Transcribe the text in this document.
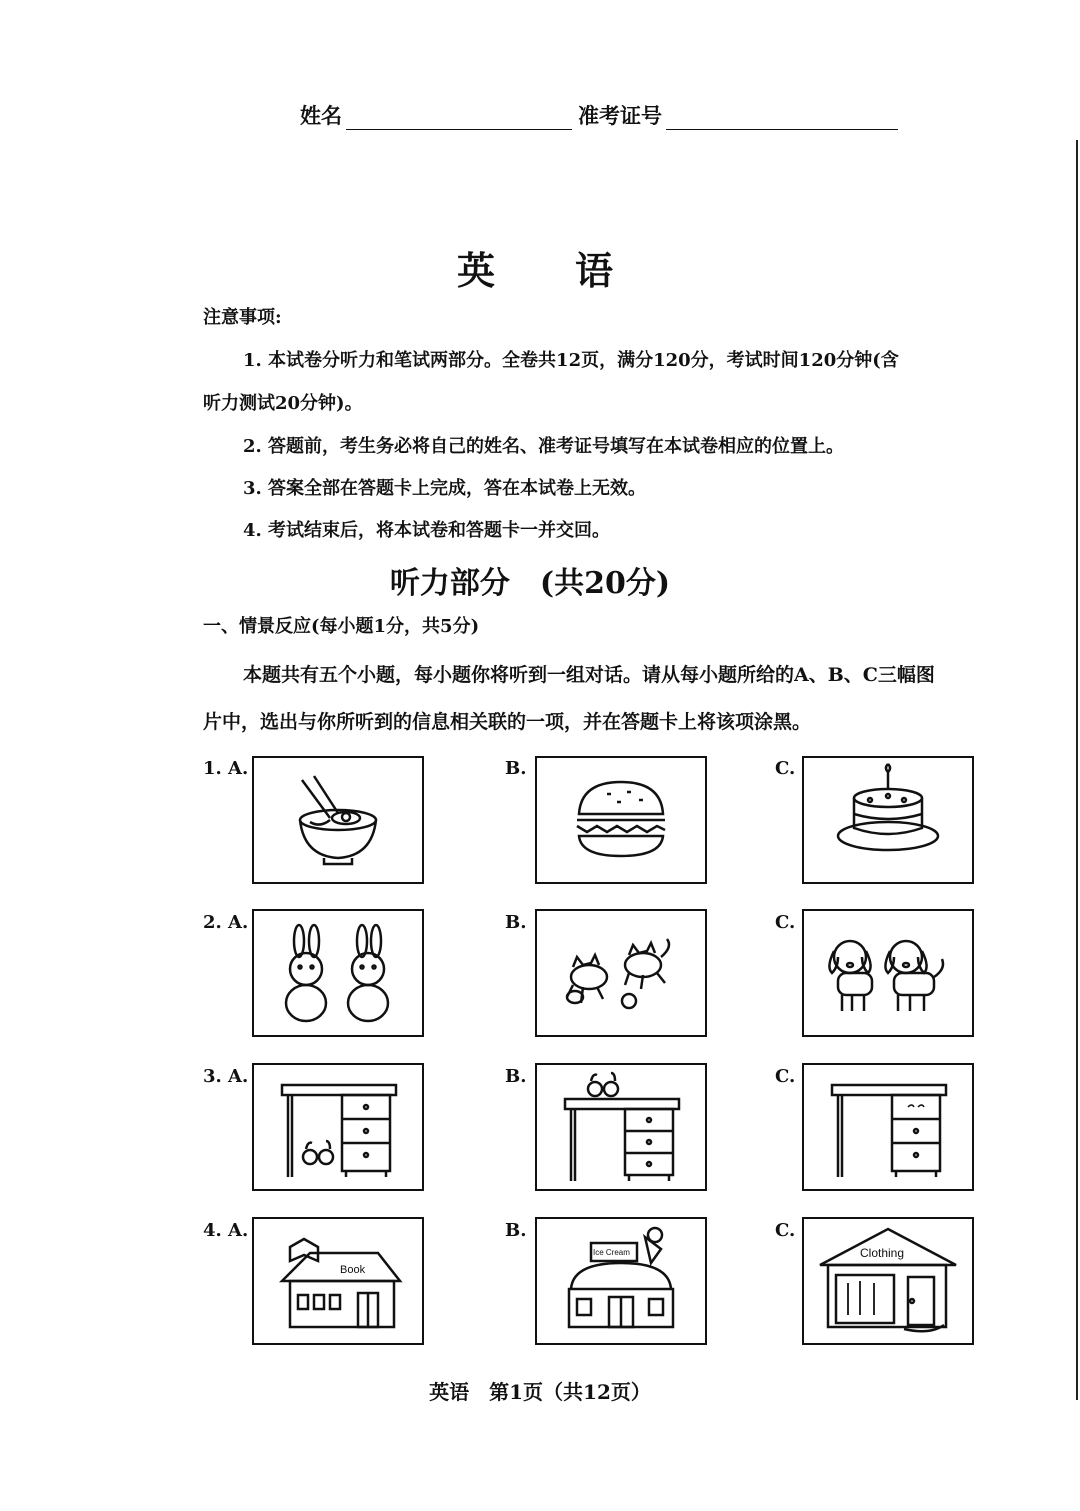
姓名	准考证号
英语
注意事项:
1. 本试卷分听力和笔试两部分。全卷共12页，满分120分，考试时间120分钟(含
听力测试20分钟)。
2. 答题前，考生务必将自己的姓名、准考证号填写在本试卷相应的位置上。
3. 答案全部在答题卡上完成，答在本试卷上无效。
4. 考试结束后，将本试卷和答题卡一并交回。
听力部分　(共20分)
一、情景反应(每小题1分，共5分)
本题共有五个小题，每小题你将听到一组对话。请从每小题所给的A、B、C三幅图
片中，选出与你所听到的信息相关联的一项，并在答题卡上将该项涂黑。
1. A.	B.	C.
2. A.	B.	C.
3. A.	B.	C.
4. A.	B.	C.
Book
Ice Cream	Clothing
英语　第1页（共12页）
